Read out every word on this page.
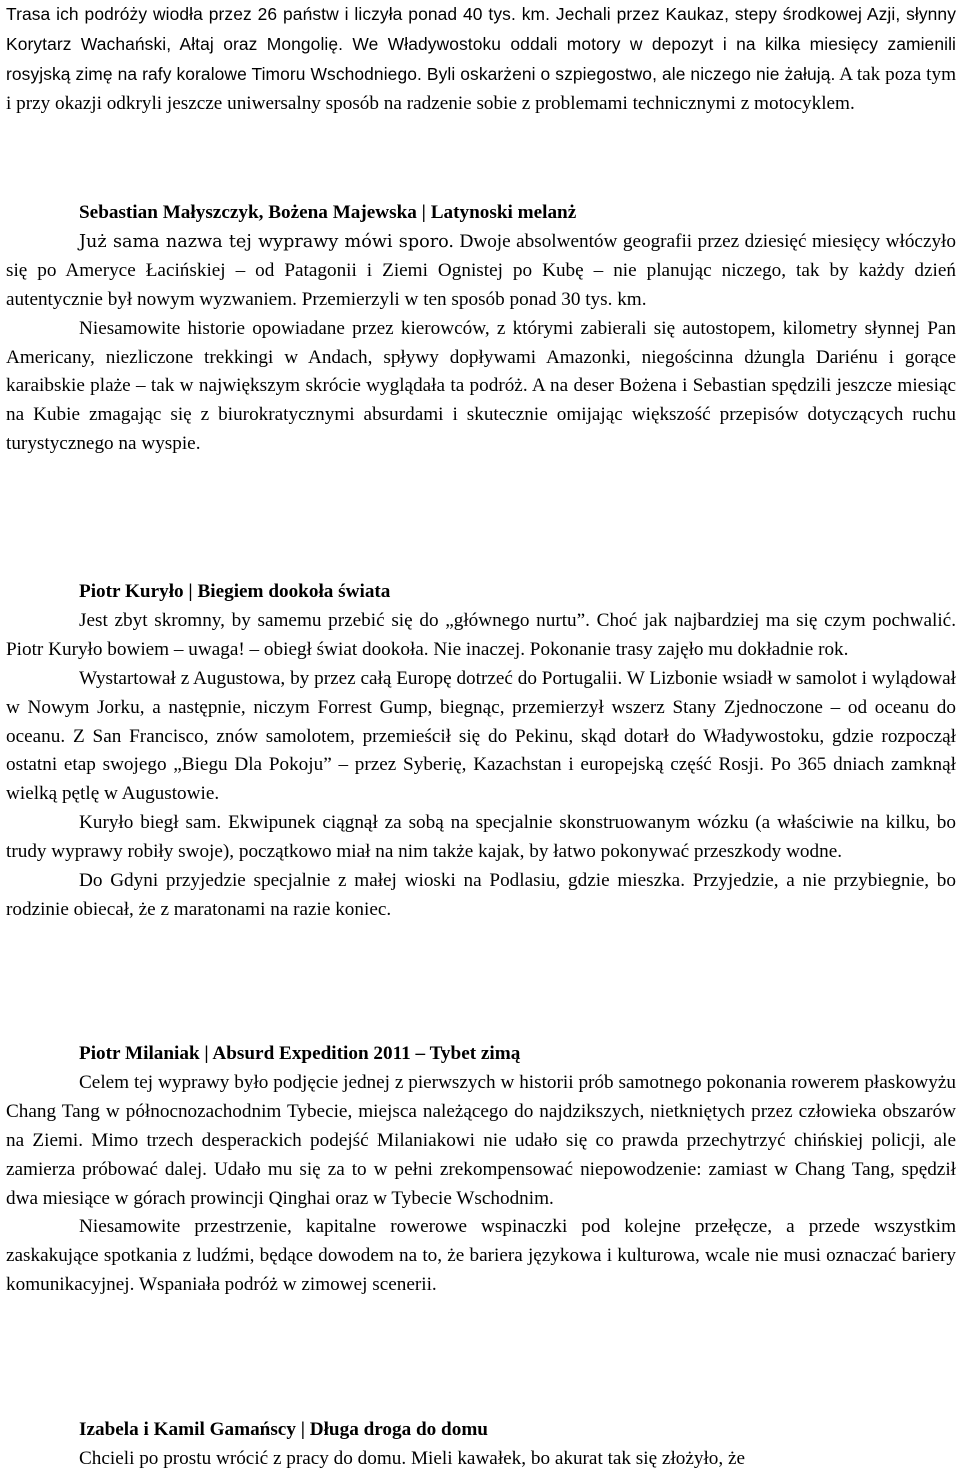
Trasa ich podróży wiodła przez 26 państw i liczyła ponad 40 tys. km. Jechali przez Kaukaz, stepy środkowej Azji, słynny Korytarz Wachański, Ałtaj oraz Mongolię. We Władywostoku oddali motory w depozyt i na kilka miesięcy zamienili rosyjską zimę na rafy koralowe Timoru Wschodniego. Byli oskarżeni o szpiegostwo, ale niczego nie żałują. A tak poza tym i przy okazji odkryli jeszcze uniwersalny sposób na radzenie sobie z problemami technicznymi z motocyklem.

Sebastian Małyszczyk, Bożena Majewska | Latynoski melanż

Już sama nazwa tej wyprawy mówi sporo. Dwoje absolwentów geografii przez dziesięć miesięcy włóczyło się po Ameryce Łacińskiej – od Patagonii i Ziemi Ognistej po Kubę – nie planując niczego, tak by każdy dzień autentycznie był nowym wyzwaniem. Przemierzyli w ten sposób ponad 30 tys. km.

Niesamowite historie opowiadane przez kierowców, z którymi zabierali się autostopem, kilometry słynnej Pan Americany, niezliczone trekkingi w Andach, spływy dopływami Amazonki, niegościnna dżungla Dariénu i gorące karaibskie plaże – tak w największym skrócie wyglądała ta podróż. A na deser Bożena i Sebastian spędzili jeszcze miesiąc na Kubie zmagając się z biurokratycznymi absurdami i skutecznie omijając większość przepisów dotyczących ruchu turystycznego na wyspie.

Piotr Kuryło | Biegiem dookoła świata

Jest zbyt skromny, by samemu przebić się do „głównego nurtu”. Choć jak najbardziej ma się czym pochwalić. Piotr Kuryło bowiem – uwaga! – obiegł świat dookoła. Nie inaczej. Pokonanie trasy zajęło mu dokładnie rok.

Wystartował z Augustowa, by przez całą Europę dotrzeć do Portugalii. W Lizbonie wsiadł w samolot i wylądował w Nowym Jorku, a następnie, niczym Forrest Gump, biegnąc, przemierzył wszerz Stany Zjednoczone – od oceanu do oceanu. Z San Francisco, znów samolotem, przemieścił się do Pekinu, skąd dotarł do Władywostoku, gdzie rozpoczął ostatni etap swojego „Biegu Dla Pokoju” – przez Syberię, Kazachstan i europejską część Rosji. Po 365 dniach zamknął wielką pętlę w Augustowie.

Kuryło biegł sam. Ekwipunek ciągnął za sobą na specjalnie skonstruowanym wózku (a właściwie na kilku, bo trudy wyprawy robiły swoje), początkowo miał na nim także kajak, by łatwo pokonywać przeszkody wodne.

Do Gdyni przyjedzie specjalnie z małej wioski na Podlasiu, gdzie mieszka. Przyjedzie, a nie przybiegnie, bo rodzinie obiecał, że z maratonami na razie koniec.

Piotr Milaniak | Absurd Expedition 2011 – Tybet zimą

Celem tej wyprawy było podjęcie jednej z pierwszych w historii prób samotnego pokonania rowerem płaskowyżu Chang Tang w północnozachodnim Tybecie, miejsca należącego do najdzikszych, nietkniętych przez człowieka obszarów na Ziemi. Mimo trzech desperackich podejść Milaniakowi nie udało się co prawda przechytrzyć chińskiej policji, ale zamierza próbować dalej. Udało mu się za to w pełni zrekompensować niepowodzenie: zamiast w Chang Tang, spędził dwa miesiące w górach prowincji Qinghai oraz w Tybecie Wschodnim.

Niesamowite przestrzenie, kapitalne rowerowe wspinaczki pod kolejne przełęcze, a przede wszystkim zaskakujące spotkania z ludźmi, będące dowodem na to, że bariera językowa i kulturowa, wcale nie musi oznaczać bariery komunikacyjnej. Wspaniała podróż w zimowej scenerii.

Izabela i Kamil Gamańscy | Długa droga do domu

Chcieli po prostu wrócić z pracy do domu. Mieli kawałek, bo akurat tak się złożyło, że
